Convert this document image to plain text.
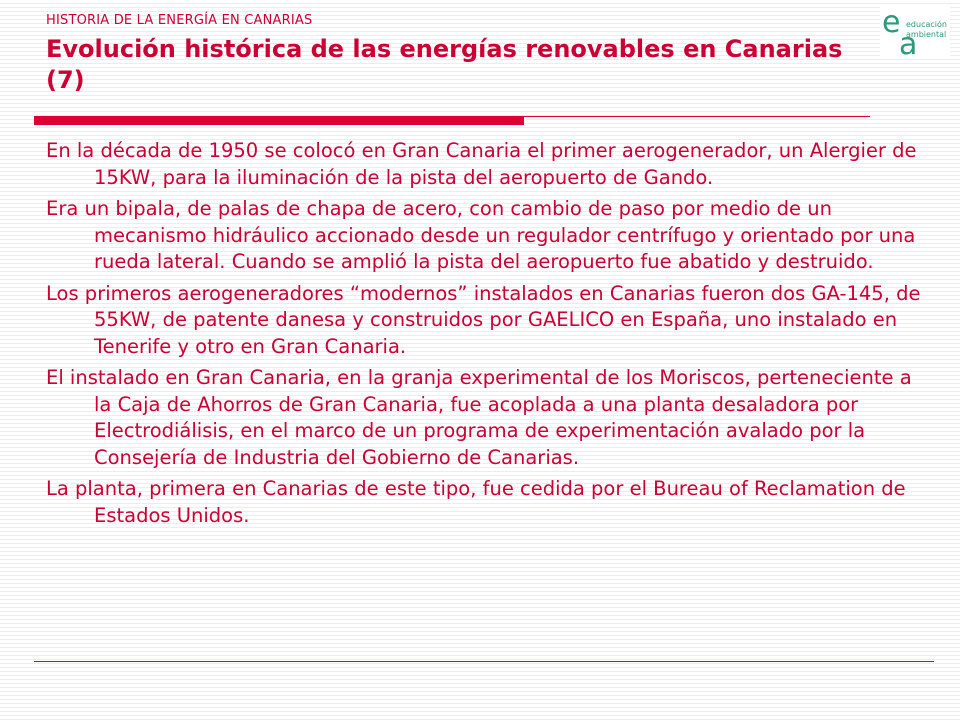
HISTORIA DE LA ENERGÍA EN CANARIAS
Evolución histórica de las energías renovables en Canarias (7)
e
a
educación
ambiental
En la década de 1950 se colocó en Gran Canaria el primer aerogenerador, un Alergier de 15KW, para la iluminación de la pista del aeropuerto de Gando.
Era un bipala, de palas de chapa de acero, con cambio de paso por medio de un mecanismo hidráulico accionado desde un regulador centrífugo y orientado por una rueda lateral. Cuando se amplió la pista del aeropuerto fue abatido y destruido.
Los primeros aerogeneradores “modernos” instalados en Canarias fueron dos GA-145, de 55KW, de patente danesa y construidos por GAELICO en España, uno instalado en Tenerife y otro en Gran Canaria.
El instalado en Gran Canaria, en la granja experimental de los Moriscos, perteneciente a la Caja de Ahorros de Gran Canaria, fue acoplada a una planta desaladora por Electrodiálisis, en el marco de un programa de experimentación avalado por la Consejería de Industria del Gobierno de Canarias.
La planta, primera en Canarias de este tipo, fue cedida por el Bureau of Reclamation de Estados Unidos.
